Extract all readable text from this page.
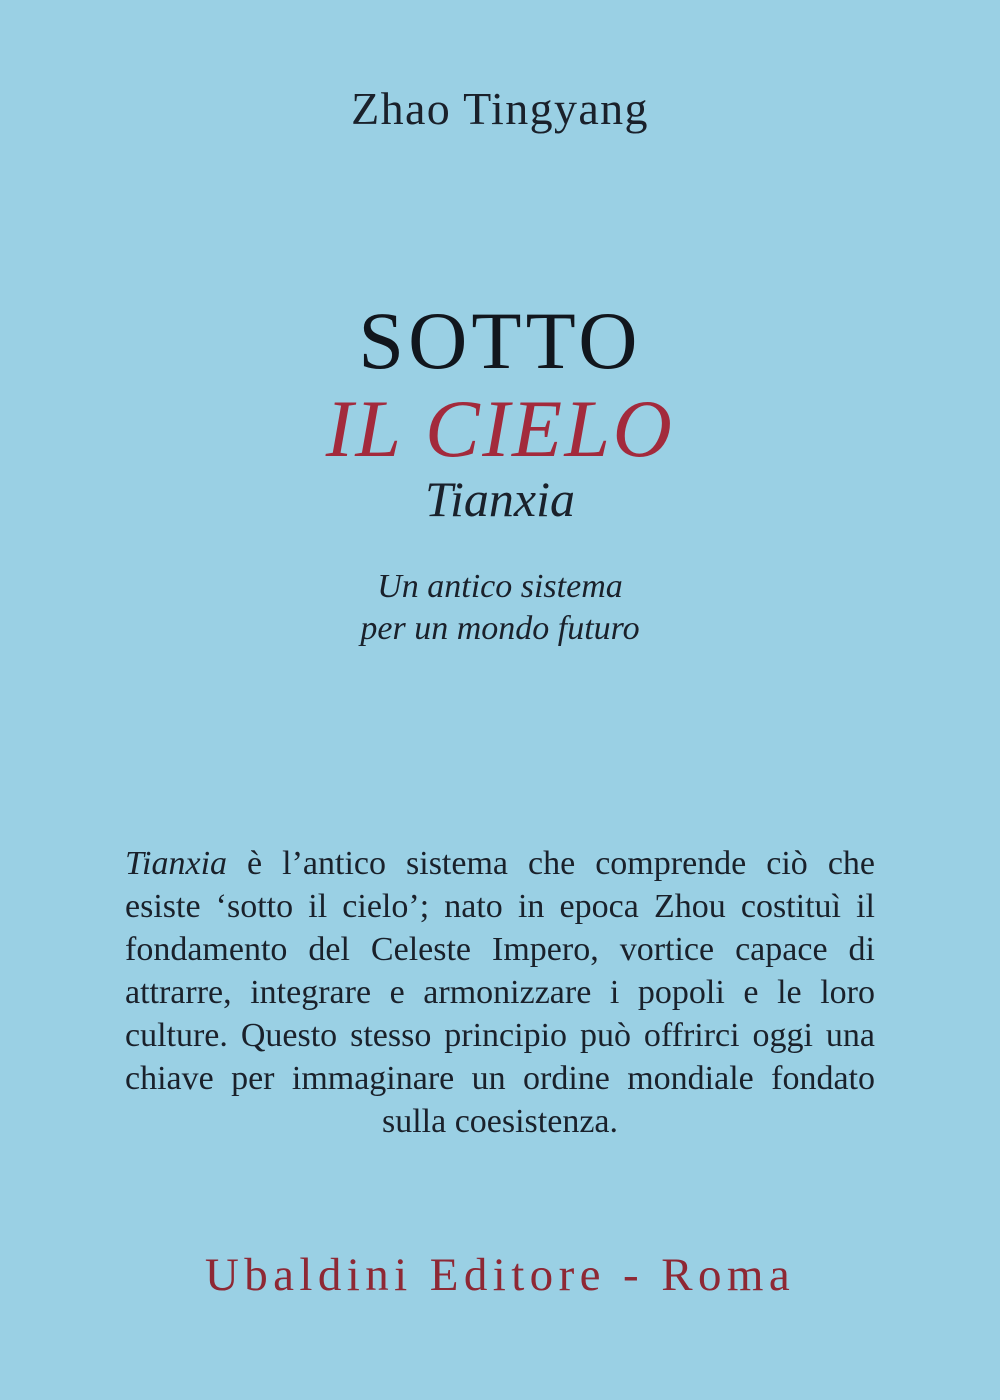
Zhao Tingyang
SOTTO
IL CIELO
Tianxia
Un antico sistema
per un mondo futuro

Tianxia è l’antico sistema che comprende ciò che esiste ‘sotto il cielo’; nato in epoca Zhou costituì il fondamento del Celeste Impero, vortice capace di attrarre, integrare e armonizzare i popoli e le loro culture. Questo stesso principio può offrirci oggi una chiave per immaginare un ordine mondiale fondato sulla coesistenza.

Ubaldini Editore - Roma
